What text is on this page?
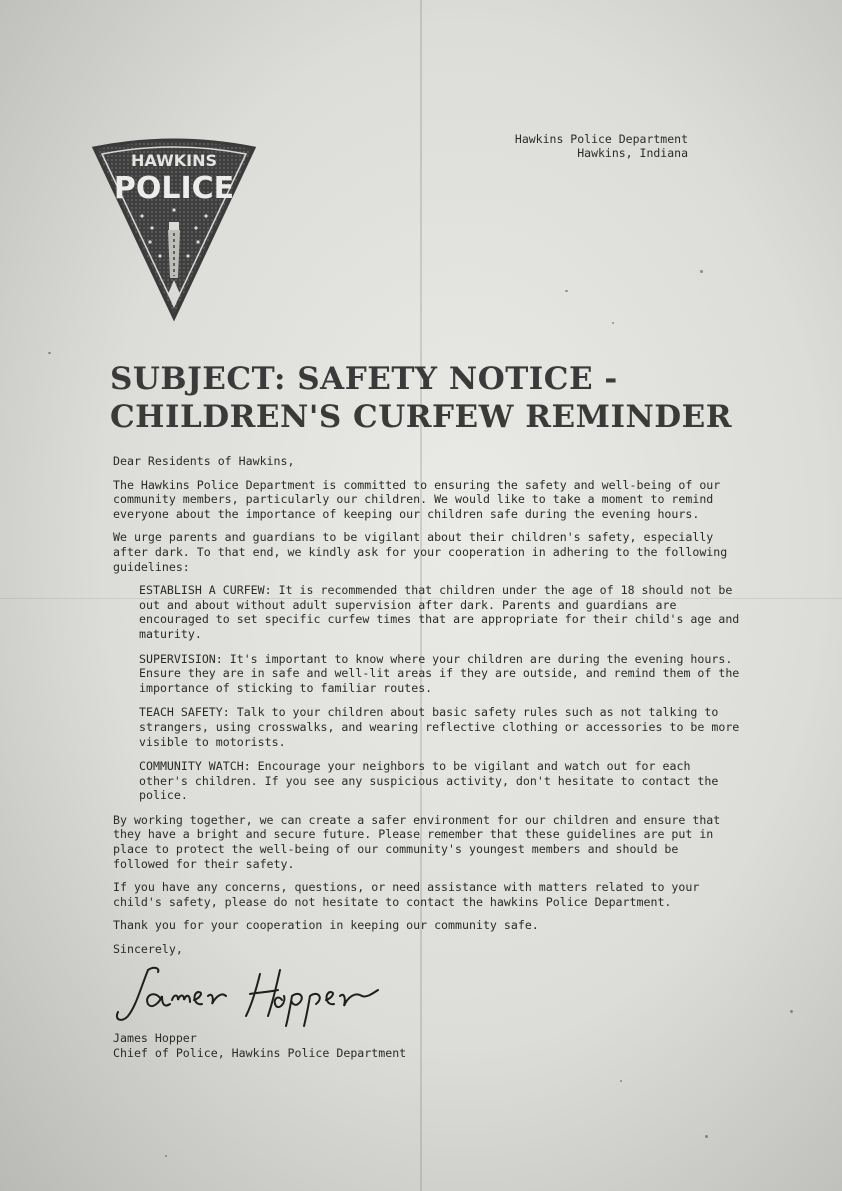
HAWKINS
POLICE
Hawkins Police Department
Hawkins, Indiana
SUBJECT: SAFETY NOTICE -
CHILDREN'S CURFEW REMINDER

Dear Residents of Hawkins,

The Hawkins Police Department is committed to ensuring the safety and well-being of our community members, particularly our children. We would like to take a moment to remind everyone about the importance of keeping our children safe during the evening hours.

We urge parents and guardians to be vigilant about their children's safety, especially after dark. To that end, we kindly ask for your cooperation in adhering to the following guidelines:

ESTABLISH A CURFEW: It is recommended that children under the age of 18 should not be out and about without adult supervision after dark. Parents and guardians are encouraged to set specific curfew times that are appropriate for their child's age and maturity.

SUPERVISION: It's important to know where your children are during the evening hours. Ensure they are in safe and well-lit areas if they are outside, and remind them of the importance of sticking to familiar routes.

TEACH SAFETY: Talk to your children about basic safety rules such as not talking to strangers, using crosswalks, and wearing reflective clothing or accessories to be more visible to motorists.

COMMUNITY WATCH: Encourage your neighbors to be vigilant and watch out for each other's children. If you see any suspicious activity, don't hesitate to contact the police.

By working together, we can create a safer environment for our children and ensure that they have a bright and secure future. Please remember that these guidelines are put in place to protect the well-being of our community's youngest members and should be followed for their safety.

If you have any concerns, questions, or need assistance with matters related to your child's safety, please do not hesitate to contact the hawkins Police Department.

Thank you for your cooperation in keeping our community safe.

Sincerely,

James Hopper
Chief of Police, Hawkins Police Department
